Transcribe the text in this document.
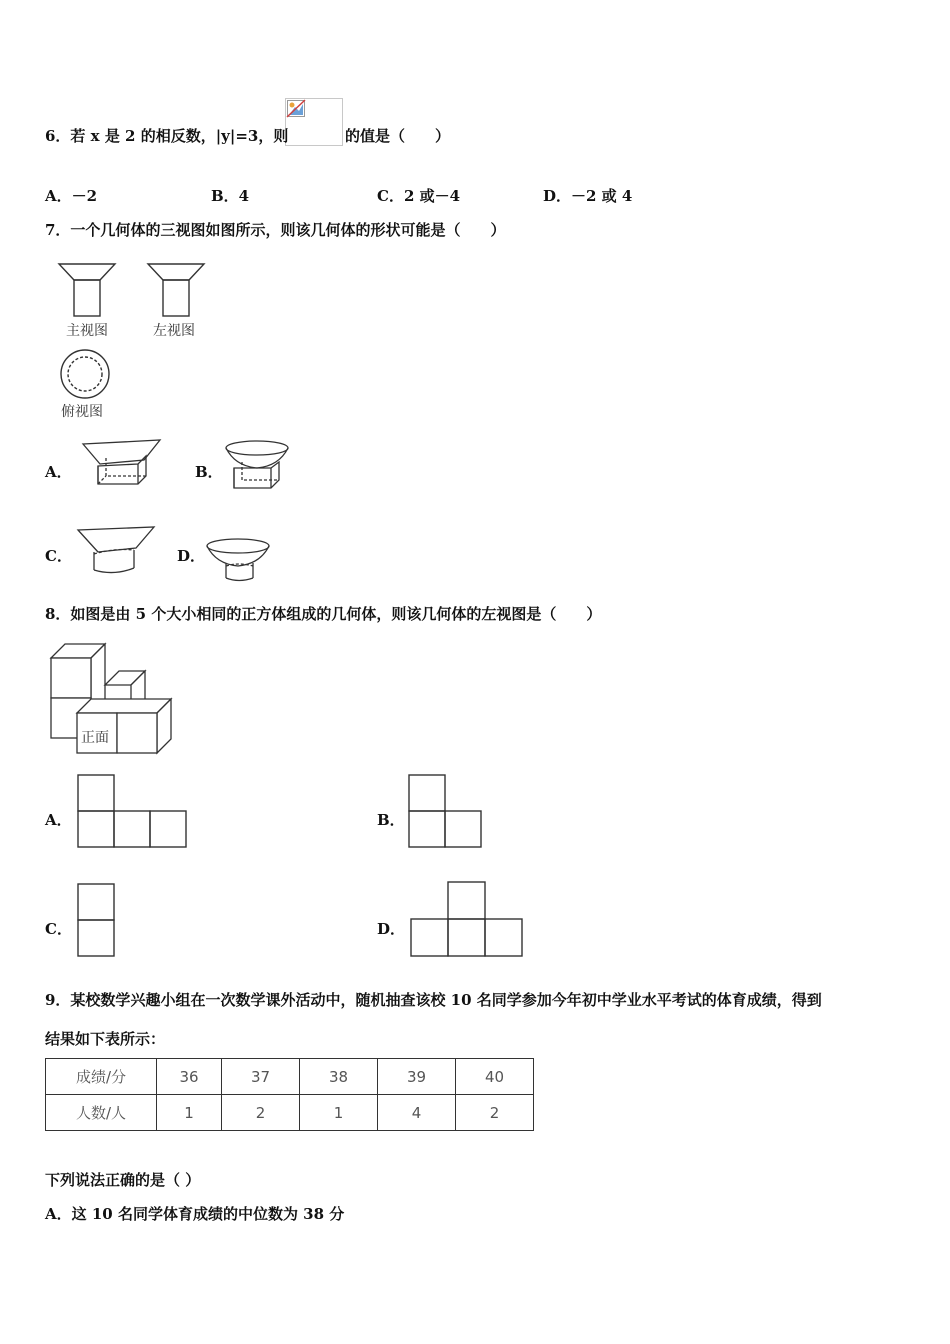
6．若 x 是 2 的相反数，|y|=3，则	的值是（　　）
A．－2	B．4	C．2 或－4	D．－2 或 4
7．一个几何体的三视图如图所示，则该几何体的形状可能是（　　）
主视图	左视图
俯视图
A．	B．
C．	D．
8．如图是由 5 个大小相同的正方体组成的几何体，则该几何体的左视图是（　　）
正面
A．	B．
C．	D．
9．某校数学兴趣小组在一次数学课外活动中，随机抽查该校 10 名同学参加今年初中学业水平考试的体育成绩，得到
结果如下表所示：
成绩/分	36	37	38	39	40
人数/人	1	2	1	4	2
下列说法正确的是（ ）
A．这 10 名同学体育成绩的中位数为 38 分
